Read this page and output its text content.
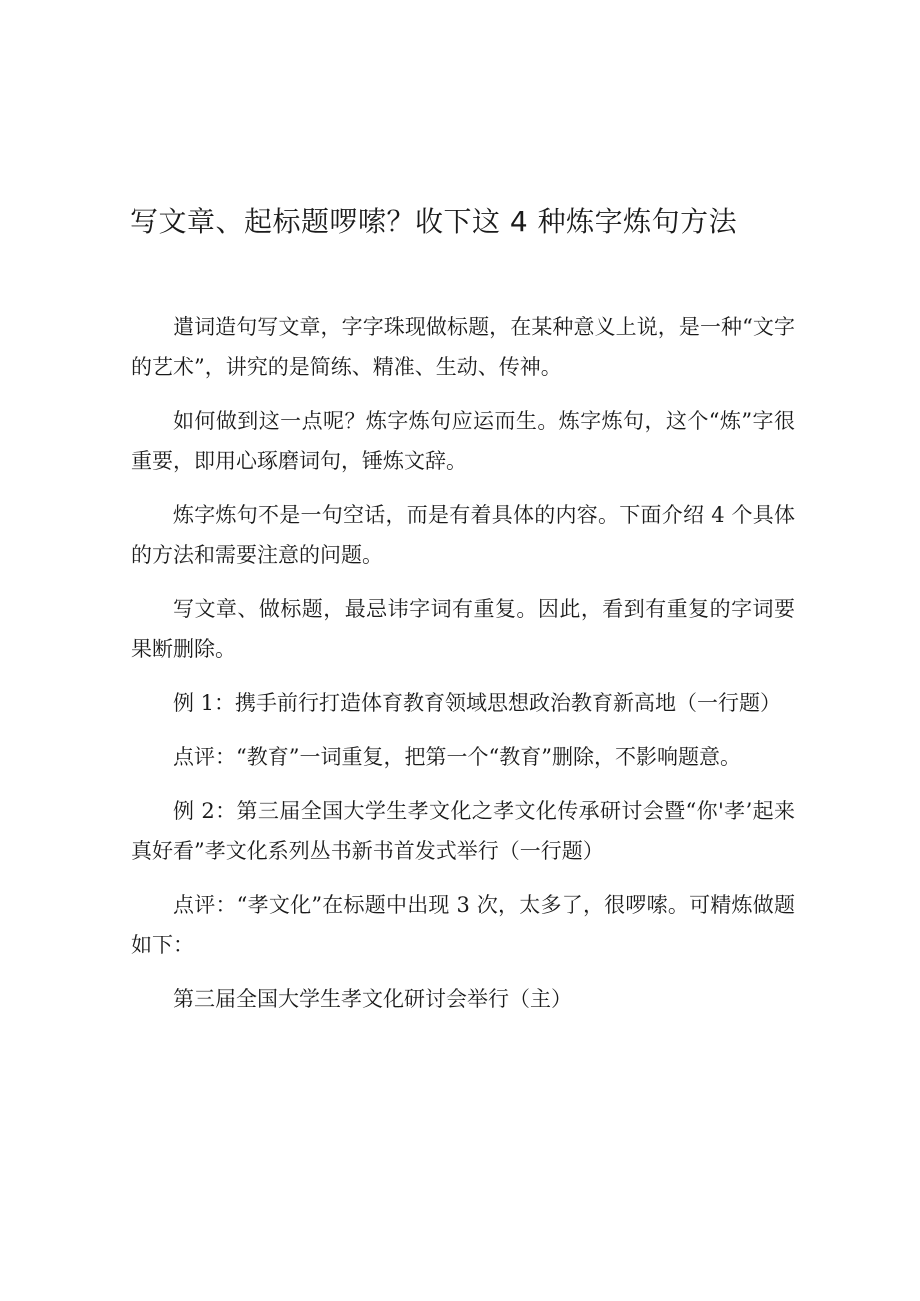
写文章、起标题啰嗦？收下这 4 种炼字炼句方法

遣词造句写文章，字字珠现做标题，在某种意义上说，是一种“文字的艺术”，讲究的是简练、精准、生动、传神。

如何做到这一点呢？炼字炼句应运而生。炼字炼句，这个“炼”字很重要，即用心琢磨词句，锤炼文辞。

炼字炼句不是一句空话，而是有着具体的内容。下面介绍 4 个具体的方法和需要注意的问题。

写文章、做标题，最忌讳字词有重复。因此，看到有重复的字词要果断删除。

例 1：携手前行打造体育教育领域思想政治教育新高地（一行题）

点评：“教育”一词重复，把第一个“教育”删除，不影响题意。

例 2：第三届全国大学生孝文化之孝文化传承研讨会暨“你'孝’起来真好看”孝文化系列丛书新书首发式举行（一行题）

点评：“孝文化”在标题中出现 3 次，太多了，很啰嗦。可精炼做题如下：

第三届全国大学生孝文化研讨会举行（主）
